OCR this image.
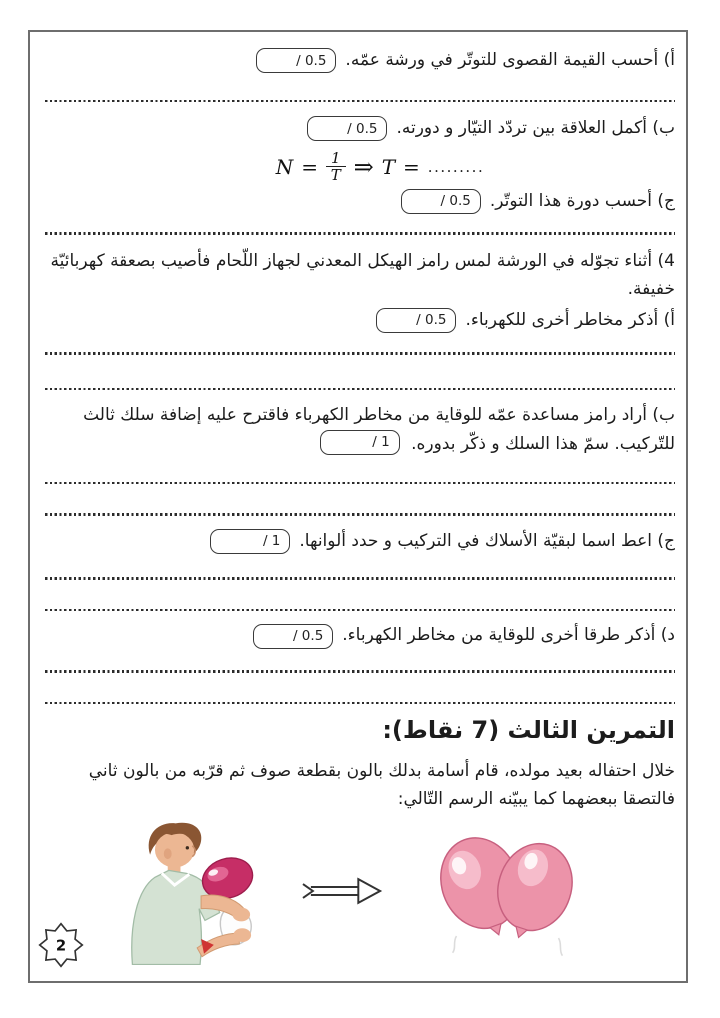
أ) أحسب القيمة القصوى للتوتّر في ورشة عمّه.
/ 0.5
ب) أكمل العلاقة بين تردّد التيّار و دورته.
/ 0.5
$N = \frac{1}{T}$ ⇒ T = .........
ج) أحسب دورة هذا التوتّر.
/ 0.5

4) أثناء تجوّله في الورشة لمس رامز الهيكل المعدني لجهاز اللّحام فأصيب بصعقة كهربائيّة خفيفة.

أ) أذكر مخاطر أخرى للكهرباء.
/ 0.5

ب) أراد رامز مساعدة عمّه للوقاية من مخاطر الكهرباء فاقترح عليه إضافة سلك ثالث للتّركيب. سمّ هذا السلك و ذكّر بدوره.
/ 1

ج) اعط اسما لبقيّة الأسلاك في التركيب و حدد ألوانها.
/ 1
د) أذكر طرقا أخرى للوقاية من مخاطر الكهرباء.
/ 0.5
التمرين الثالث (7 نقاط):

خلال احتفاله بعيد مولده، قام أسامة بدلك بالون بقطعة صوف ثم قرّبه من بالون ثاني فالتصقا ببعضهما كما يبيّنه الرسم التّالي:

2
